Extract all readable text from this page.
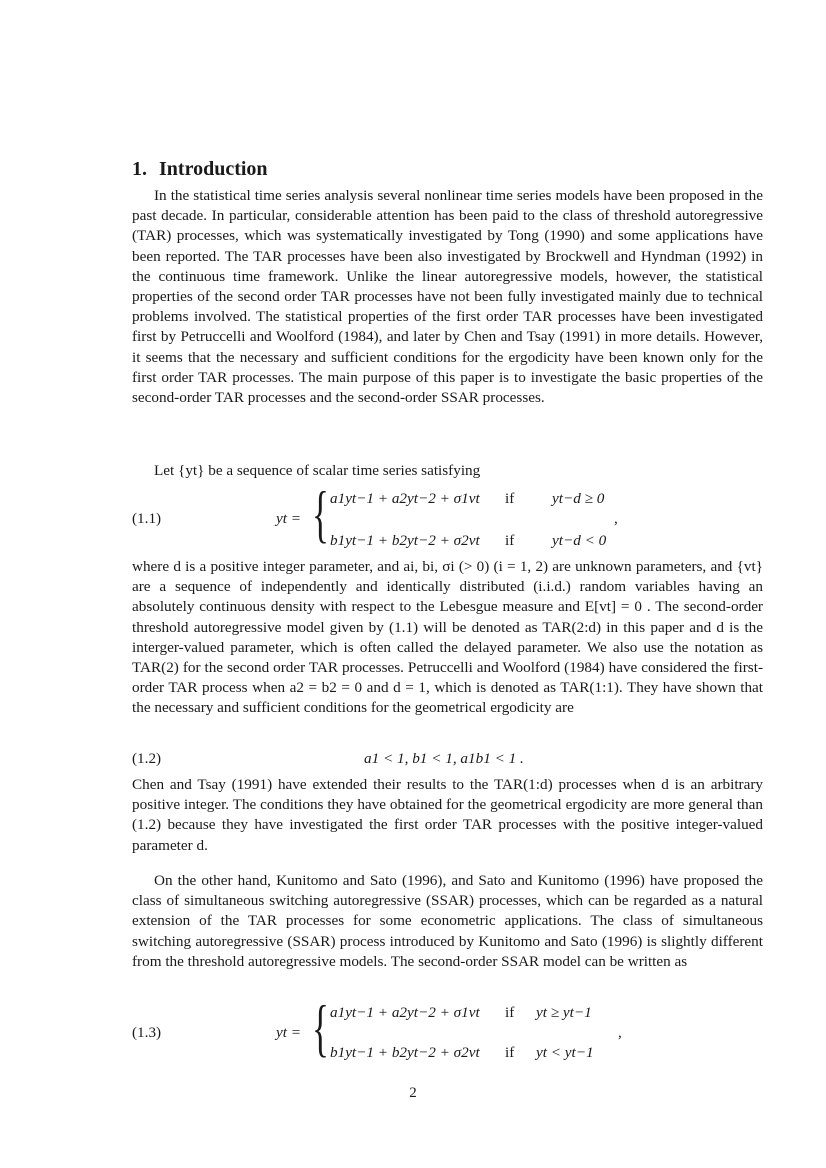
1. Introduction
In the statistical time series analysis several nonlinear time series models have been proposed in the past decade. In particular, considerable attention has been paid to the class of threshold autoregressive (TAR) processes, which was systematically investigated by Tong (1990) and some applications have been reported. The TAR processes have been also investigated by Brockwell and Hyndman (1992) in the continuous time framework. Unlike the linear autoregressive models, however, the statistical properties of the second order TAR processes have not been fully investigated mainly due to technical problems involved. The statistical properties of the first order TAR processes have been investigated first by Petruccelli and Woolford (1984), and later by Chen and Tsay (1991) in more details. However, it seems that the necessary and sufficient conditions for the ergodicity have been known only for the first order TAR processes. The main purpose of this paper is to investigate the basic properties of the second-order TAR processes and the second-order SSAR processes.
Let {yt} be a sequence of scalar time series satisfying
(1.1)	yt = { a1yt−1 + a2yt−2 + σ1vt if yt−d ≥ 0
b1yt−1 + b2yt−2 + σ2vt if yt−d < 0
,
where d is a positive integer parameter, and ai, bi, σi (> 0) (i = 1, 2) are unknown parameters, and {vt} are a sequence of independently and identically distributed (i.i.d.) random variables having an absolutely continuous density with respect to the Lebesgue measure and E[vt] = 0 . The second-order threshold autoregressive model given by (1.1) will be denoted as TAR(2:d) in this paper and d is the interger-valued parameter, which is often called the delayed parameter. We also use the notation as TAR(2) for the second order TAR processes. Petruccelli and Woolford (1984) have considered the first-order TAR process when a2 = b2 = 0 and d = 1, which is denoted as TAR(1:1). They have shown that the necessary and sufficient conditions for the geometrical ergodicity are
(1.2)	a1 < 1, b1 < 1, a1b1 < 1 .
Chen and Tsay (1991) have extended their results to the TAR(1:d) processes when d is an arbitrary positive integer. The conditions they have obtained for the geometrical ergodicity are more general than (1.2) because they have investigated the first order TAR processes with the positive integer-valued parameter d.
On the other hand, Kunitomo and Sato (1996), and Sato and Kunitomo (1996) have proposed the class of simultaneous switching autoregressive (SSAR) processes, which can be regarded as a natural extension of the TAR processes for some econometric applications. The class of simultaneous switching autoregressive (SSAR) process introduced by Kunitomo and Sato (1996) is slightly different from the threshold autoregressive models. The second-order SSAR model can be written as
(1.3)	yt = { a1yt−1 + a2yt−2 + σ1vt if yt ≥ yt−1
b1yt−1 + b2yt−2 + σ2vt if yt < yt−1
,
2
